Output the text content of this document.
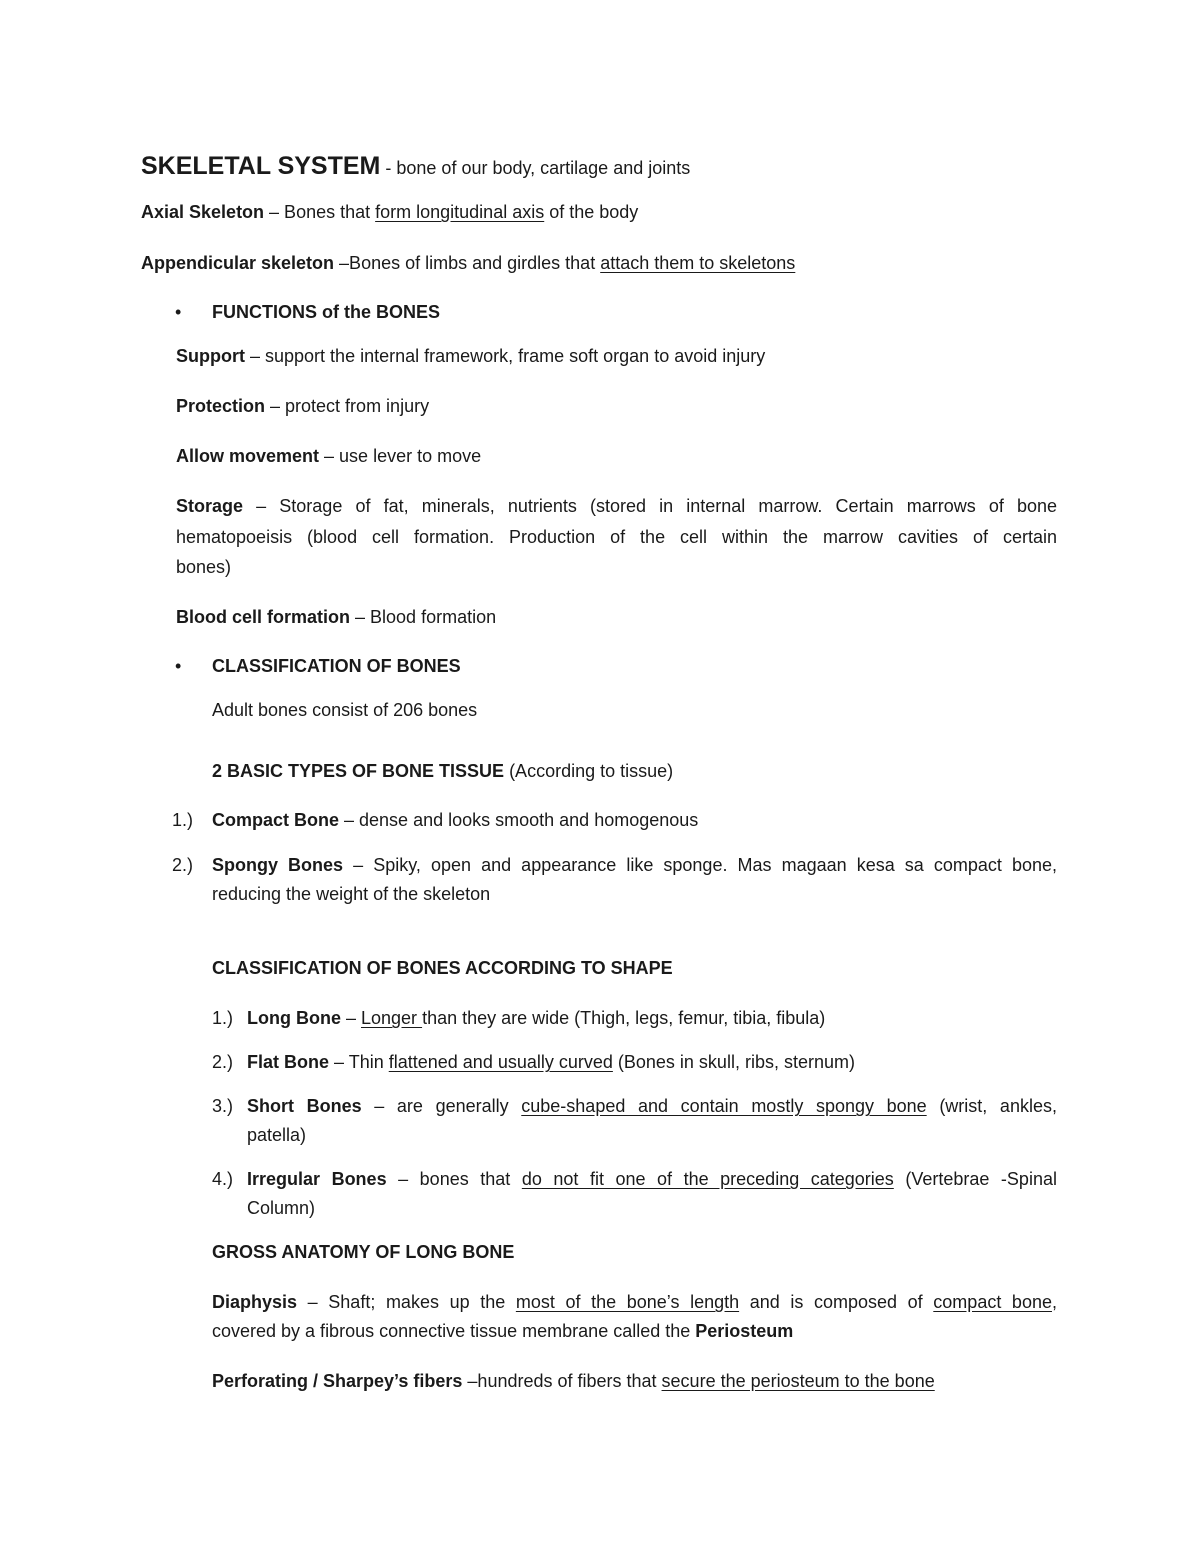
SKELETAL SYSTEM - bone of our body, cartilage and joints
Axial Skeleton – Bones that form longitudinal axis of the body
Appendicular skeleton –Bones of limbs and girdles that attach them to skeletons
• FUNCTIONS of the BONES
Support – support the internal framework, frame soft organ to avoid injury
Protection – protect from injury
Allow movement – use lever to move
Storage – Storage of fat, minerals, nutrients (stored in internal marrow. Certain marrows of bone
hematopoeisis (blood cell formation. Production of the cell within the marrow cavities of certain
bones)
Blood cell formation – Blood formation
• CLASSIFICATION OF BONES
Adult bones consist of 206 bones
2 BASIC TYPES OF BONE TISSUE (According to tissue)
1.) Compact Bone – dense and looks smooth and homogenous
2.) Spongy Bones – Spiky, open and appearance like sponge. Mas magaan kesa sa compact bone,
reducing the weight of the skeleton
CLASSIFICATION OF BONES ACCORDING TO SHAPE
1.) Long Bone – Longer than they are wide (Thigh, legs, femur, tibia, fibula)
2.) Flat Bone – Thin flattened and usually curved (Bones in skull, ribs, sternum)
3.) Short Bones – are generally cube-shaped and contain mostly spongy bone (wrist, ankles,
patella)
4.) Irregular Bones – bones that do not fit one of the preceding categories (Vertebrae -Spinal
Column)
GROSS ANATOMY OF LONG BONE
Diaphysis – Shaft; makes up the most of the bone’s length and is composed of compact bone,
covered by a fibrous connective tissue membrane called the Periosteum
Perforating / Sharpey’s fibers –hundreds of fibers that secure the periosteum to the bone
